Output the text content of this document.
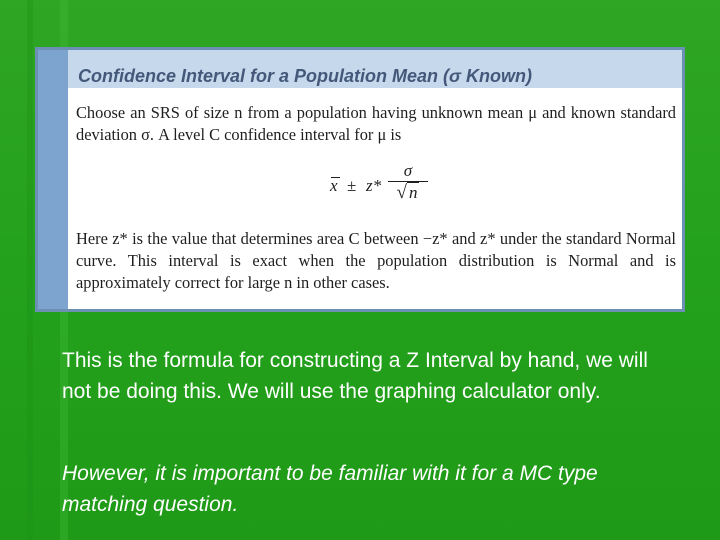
Confidence Interval for a Population Mean (σ Known)
Choose an SRS of size n from a population having unknown mean μ and known standard deviation σ. A level C confidence interval for μ is
x ± z*
σ
√ n
Here z* is the value that determines area C between −z* and z* under the standard Normal curve. This interval is exact when the population distribution is Normal and is approximately correct for large n in other cases.
This is the formula for constructing a Z Interval by hand, we will not be doing this. We will use the graphing calculator only.
However, it is important to be familiar with it for a MC type matching question.
